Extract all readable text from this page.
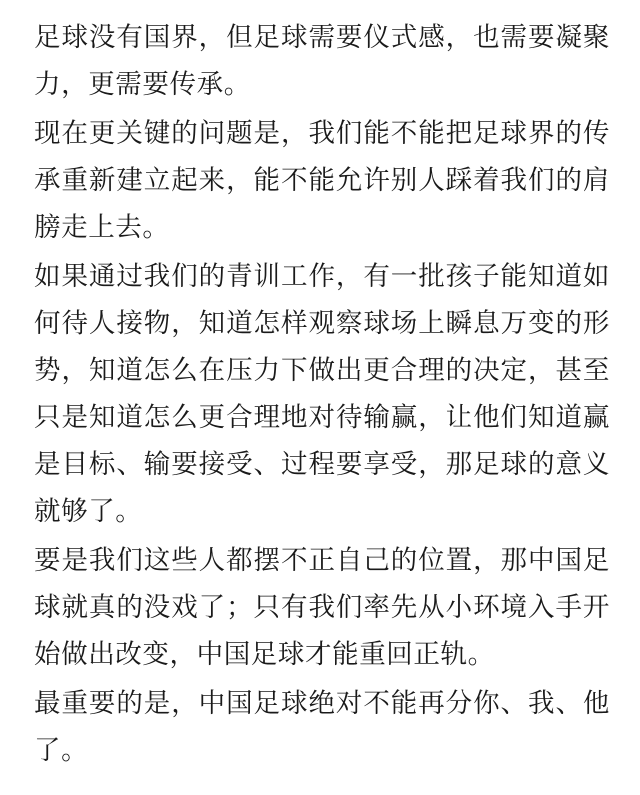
足球没有国界，但足球需要仪式感，也需要凝聚力，更需要传承。

现在更关键的问题是，我们能不能把足球界的传承重新建立起来，能不能允许别人踩着我们的肩膀走上去。

如果通过我们的青训工作，有一批孩子能知道如何待人接物，知道怎样观察球场上瞬息万变的形势，知道怎么在压力下做出更合理的决定，甚至只是知道怎么更合理地对待输赢，让他们知道赢是目标、输要接受、过程要享受，那足球的意义就够了。

要是我们这些人都摆不正自己的位置，那中国足球就真的没戏了；只有我们率先从小环境入手开始做出改变，中国足球才能重回正轨。

最重要的是，中国足球绝对不能再分你、我、他了。
